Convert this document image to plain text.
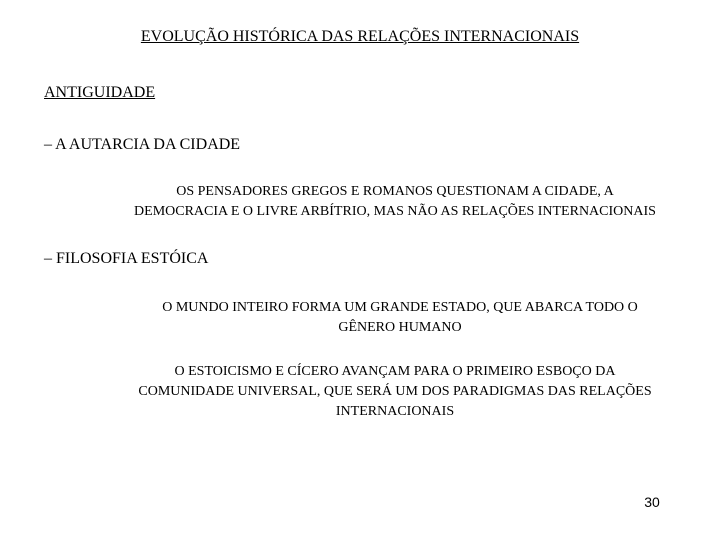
EVOLUÇÃO HISTÓRICA DAS RELAÇÕES INTERNACIONAIS
ANTIGUIDADE
– A AUTARCIA DA CIDADE
OS PENSADORES GREGOS E ROMANOS QUESTIONAM A CIDADE, A
DEMOCRACIA E O LIVRE ARBÍTRIO, MAS NÃO AS RELAÇÕES INTERNACIONAIS
– FILOSOFIA ESTÓICA
O MUNDO INTEIRO FORMA UM GRANDE ESTADO, QUE ABARCA TODO O
GÊNERO HUMANO
O ESTOICISMO E CÍCERO AVANÇAM PARA O PRIMEIRO ESBOÇO DA
COMUNIDADE UNIVERSAL, QUE SERÁ UM DOS PARADIGMAS DAS RELAÇÕES
INTERNACIONAIS
30
